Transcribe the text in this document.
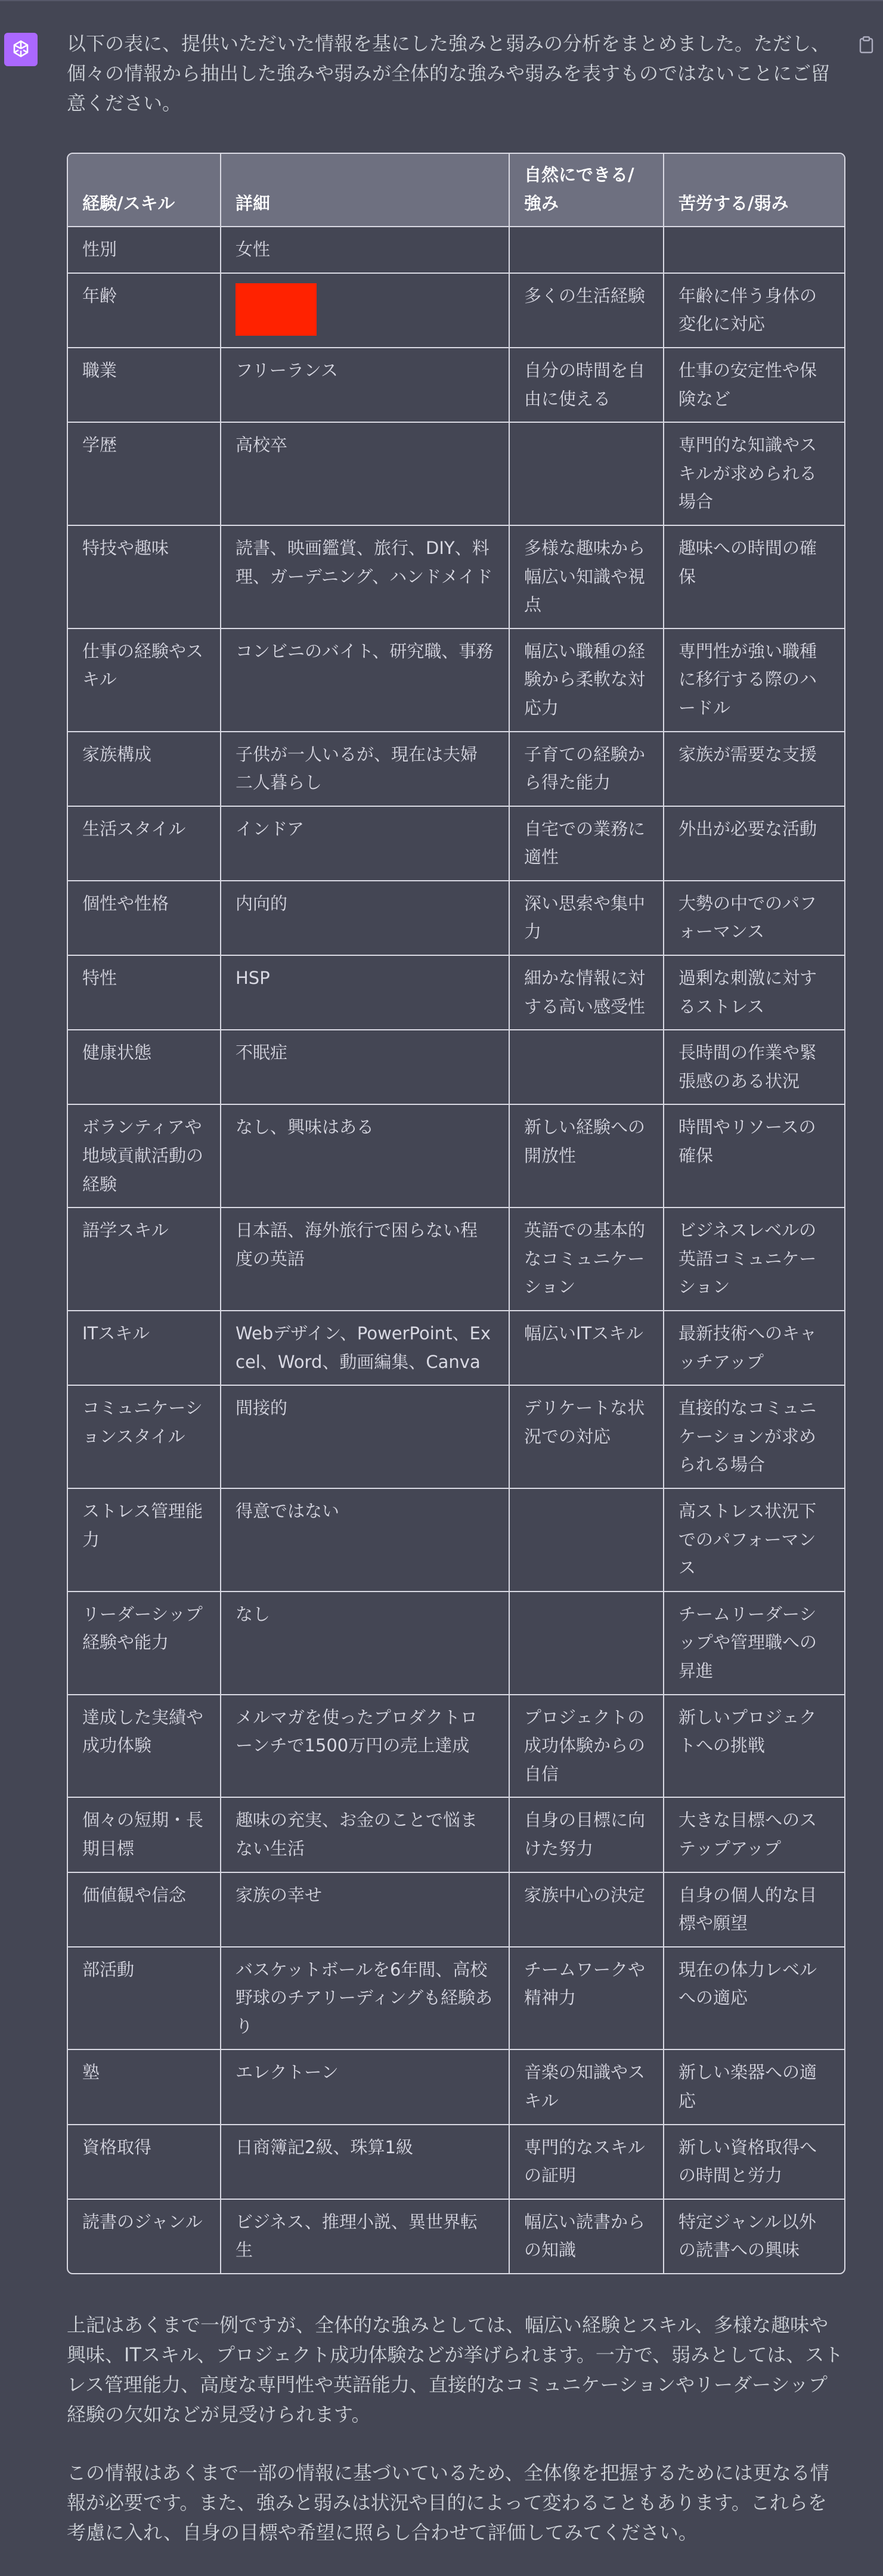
以下の表に、提供いただいた情報を基にした強みと弱みの分析をまとめました。ただし、個々の情報から抽出した強みや弱みが全体的な強みや弱みを表すものではないことにご留意ください。

経験/スキル	詳細	自然にできる/強み	苦労する/弱み
性別	女性		
年齢		多くの生活経験	年齢に伴う身体の変化に対応
職業	フリーランス	自分の時間を自由に使える	仕事の安定性や保険など
学歴	高校卒		専門的な知識やスキルが求められる場合
特技や趣味	読書、映画鑑賞、旅行、DIY、料理、ガーデニング、ハンドメイド	多様な趣味から幅広い知識や視点	趣味への時間の確保
仕事の経験やスキル	コンビニのバイト、研究職、事務	幅広い職種の経験から柔軟な対応力	専門性が強い職種に移行する際のハードル
家族構成	子供が一人いるが、現在は夫婦二人暮らし	子育ての経験から得た能力	家族が需要な支援
生活スタイル	インドア	自宅での業務に適性	外出が必要な活動
個性や性格	内向的	深い思索や集中力	大勢の中でのパフォーマンス
特性	HSP	細かな情報に対する高い感受性	過剰な刺激に対するストレス
健康状態	不眠症		長時間の作業や緊張感のある状況
ボランティアや地域貢献活動の経験	なし、興味はある	新しい経験への開放性	時間やリソースの確保
語学スキル	日本語、海外旅行で困らない程度の英語	英語での基本的なコミュニケーション	ビジネスレベルの英語コミュニケーション
ITスキル	Webデザイン、PowerPoint、Excel、Word、動画編集、Canva	幅広いITスキル	最新技術へのキャッチアップ
コミュニケーションスタイル	間接的	デリケートな状況での対応	直接的なコミュニケーションが求められる場合
ストレス管理能力	得意ではない		高ストレス状況下でのパフォーマンス
リーダーシップ経験や能力	なし		チームリーダーシップや管理職への昇進
達成した実績や成功体験	メルマガを使ったプロダクトローンチで1500万円の売上達成	プロジェクトの成功体験からの自信	新しいプロジェクトへの挑戦
個々の短期・長期目標	趣味の充実、お金のことで悩まない生活	自身の目標に向けた努力	大きな目標へのステップアップ
価値観や信念	家族の幸せ	家族中心の決定	自身の個人的な目標や願望
部活動	バスケットボールを6年間、高校野球のチアリーディングも経験あり	チームワークや精神力	現在の体力レベルへの適応
塾	エレクトーン	音楽の知識やスキル	新しい楽器への適応
資格取得	日商簿記2級、珠算1級	専門的なスキルの証明	新しい資格取得への時間と労力
読書のジャンル	ビジネス、推理小説、異世界転生	幅広い読書からの知識	特定ジャンル以外の読書への興味

上記はあくまで一例ですが、全体的な強みとしては、幅広い経験とスキル、多様な趣味や興味、ITスキル、プロジェクト成功体験などが挙げられます。一方で、弱みとしては、ストレス管理能力、高度な専門性や英語能力、直接的なコミュニケーションやリーダーシップ経験の欠如などが見受けられます。

この情報はあくまで一部の情報に基づいているため、全体像を把握するためには更なる情報が必要です。また、強みと弱みは状況や目的によって変わることもあります。これらを考慮に入れ、自身の目標や希望に照らし合わせて評価してみてください。
